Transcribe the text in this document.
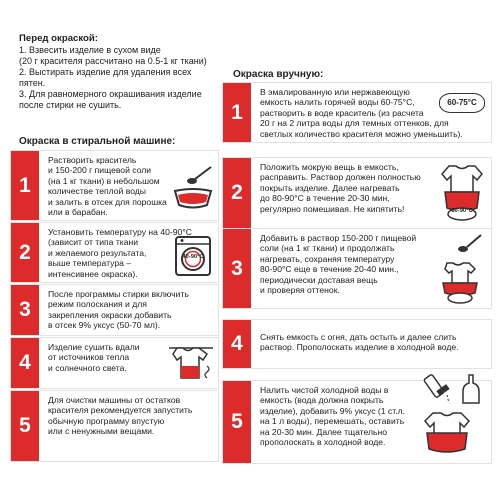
Перед окраской:

1. Взвесить изделие в сухом виде

(20 г красителя рассчитано на 0.5-1 кг ткани)

2. Выстирать изделие для удаления всех

пятен.

3. Для равномерного окрашивания изделие

после стирки не сушить.

Окраска в стиральной машине:
Окраска вручную:
1
Растворить краситель
и 150-200 г пищевой соли
(на 1 кг ткани) в небольшом
количестве теплой воды
и залить в отсек для порошка
или в барабан.
2
Установить температуру на 40-90°С
(зависит от типа ткани
и желаемого результата,
выше температура –
интенсивнее окраска).
40-90°С
3
После программы стирки включить
режим полоскания и для
закрепления окраски добавить
в отсек 9% уксус (50-70 мл).
4
Изделие сушить вдали
от источников тепла
и солнечного света.
5
Для очистки машины от остатков
красителя рекомендуется запустить
обычную программу впустую
или с ненужными вещами.
1
В эмалированную или нержавеющую
емкость налить горячей воды 60-75°С,
растворить в воде краситель (из расчета
20 г на 2 литра воды для темных оттенков, для
светлых количество красителя можно уменьшить).
60-75°С
2
Положить мокрую вещь в емкость,
расправить. Раствор должен полностью
покрыть изделие. Далее нагревать
до 80-90°С в течение 20-30 мин,
регулярно помешивая. Не кипятить!	80-90°С
3
Добавить в раствор 150-200 г пищевой
соли (на 1 кг ткани) и продолжать
нагревать, сохраняя температуру
80-90°С еще в течение 20-40 мин.,
периодически доставая вещь
и проверяя оттенок.
4	Снять емкость с огня, дать остыть и далее слить
раствор. Прополоскать изделие в холодной воде.
5
Налить чистой холодной воды в
емкость (вода должна покрыть
изделие), добавить 9% уксус (1 ст.л.
на 1 л воды), перемешать, оставить
на 20-30 мин. Далее тщательно
прополоскать в холодной воде.
